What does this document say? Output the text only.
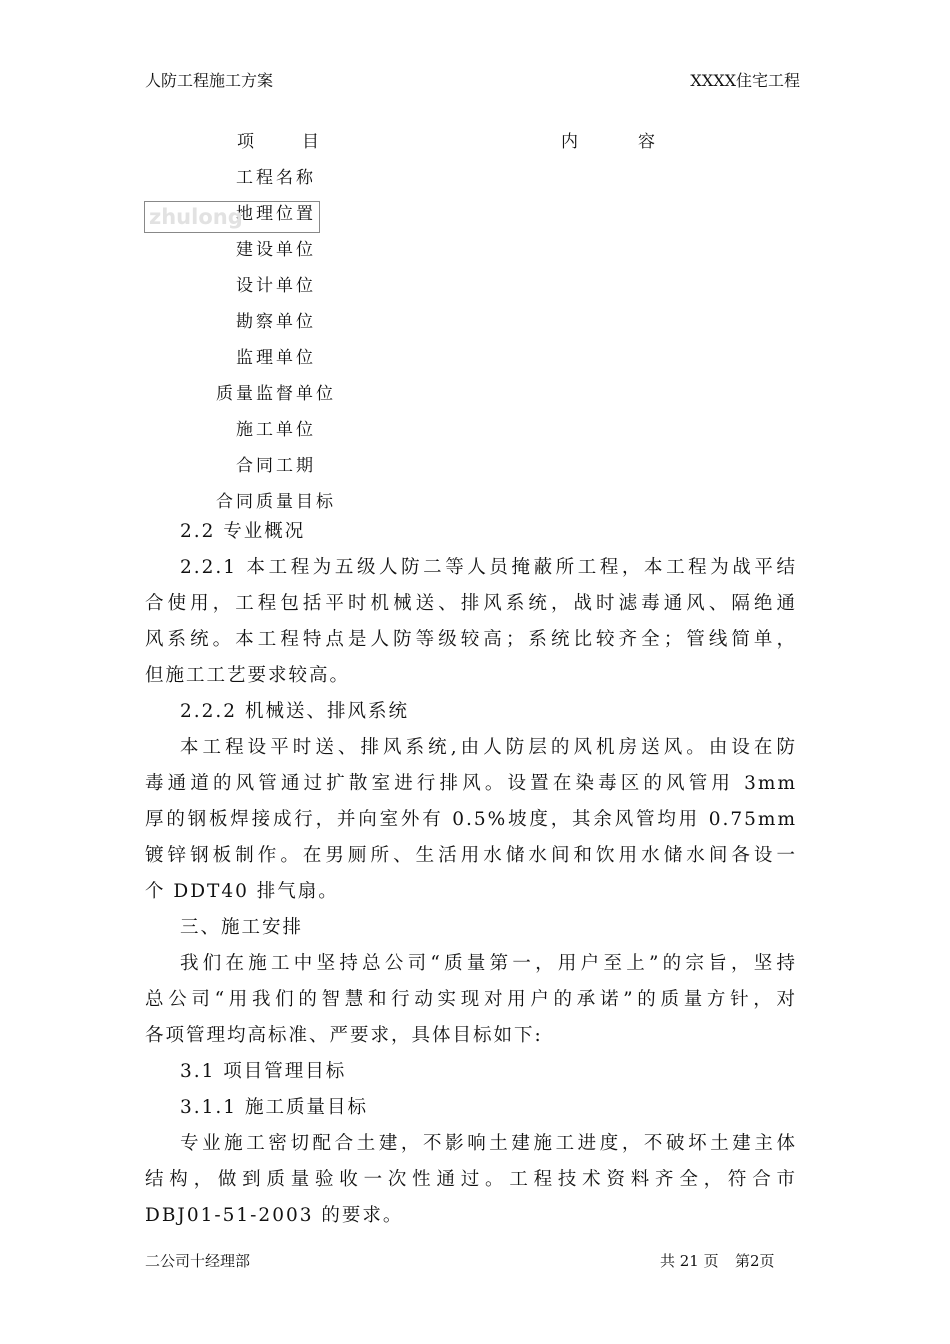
人防工程施工方案	XXXX住宅工程
项目	内容
工程名称
地理位置
建设单位
设计单位
勘察单位
监理单位
质量监督单位
施工单位
合同工期
合同质量目标
zhulong
2.2 专业概况
2.2.1 本工程为五级人防二等人员掩蔽所工程，本工程为战平结
合使用，工程包括平时机械送、排风系统，战时滤毒通风、隔绝通
风系统。本工程特点是人防等级较高；系统比较齐全；管线简单，
但施工工艺要求较高。
2.2.2 机械送、排风系统
本工程设平时送、排风系统,由人防层的风机房送风。由设在防
毒通道的风管通过扩散室进行排风。设置在染毒区的风管用 3mm
厚的钢板焊接成行，并向室外有 0.5%坡度，其余风管均用 0.75mm
镀锌钢板制作。在男厕所、生活用水储水间和饮用水储水间各设一
个 DDT40 排气扇。
三、施工安排
我们在施工中坚持总公司“质量第一，用户至上”的宗旨，坚持
总公司“用我们的智慧和行动实现对用户的承诺”的质量方针，对
各项管理均高标准、严要求，具体目标如下:
3.1 项目管理目标
3.1.1 施工质量目标
专业施工密切配合土建，不影响土建施工进度，不破坏土建主体
结构，做到质量验收一次性通过。工程技术资料齐全，符合市
DBJ01-51-2003 的要求。
二公司十经理部	共 21 页 第2页
